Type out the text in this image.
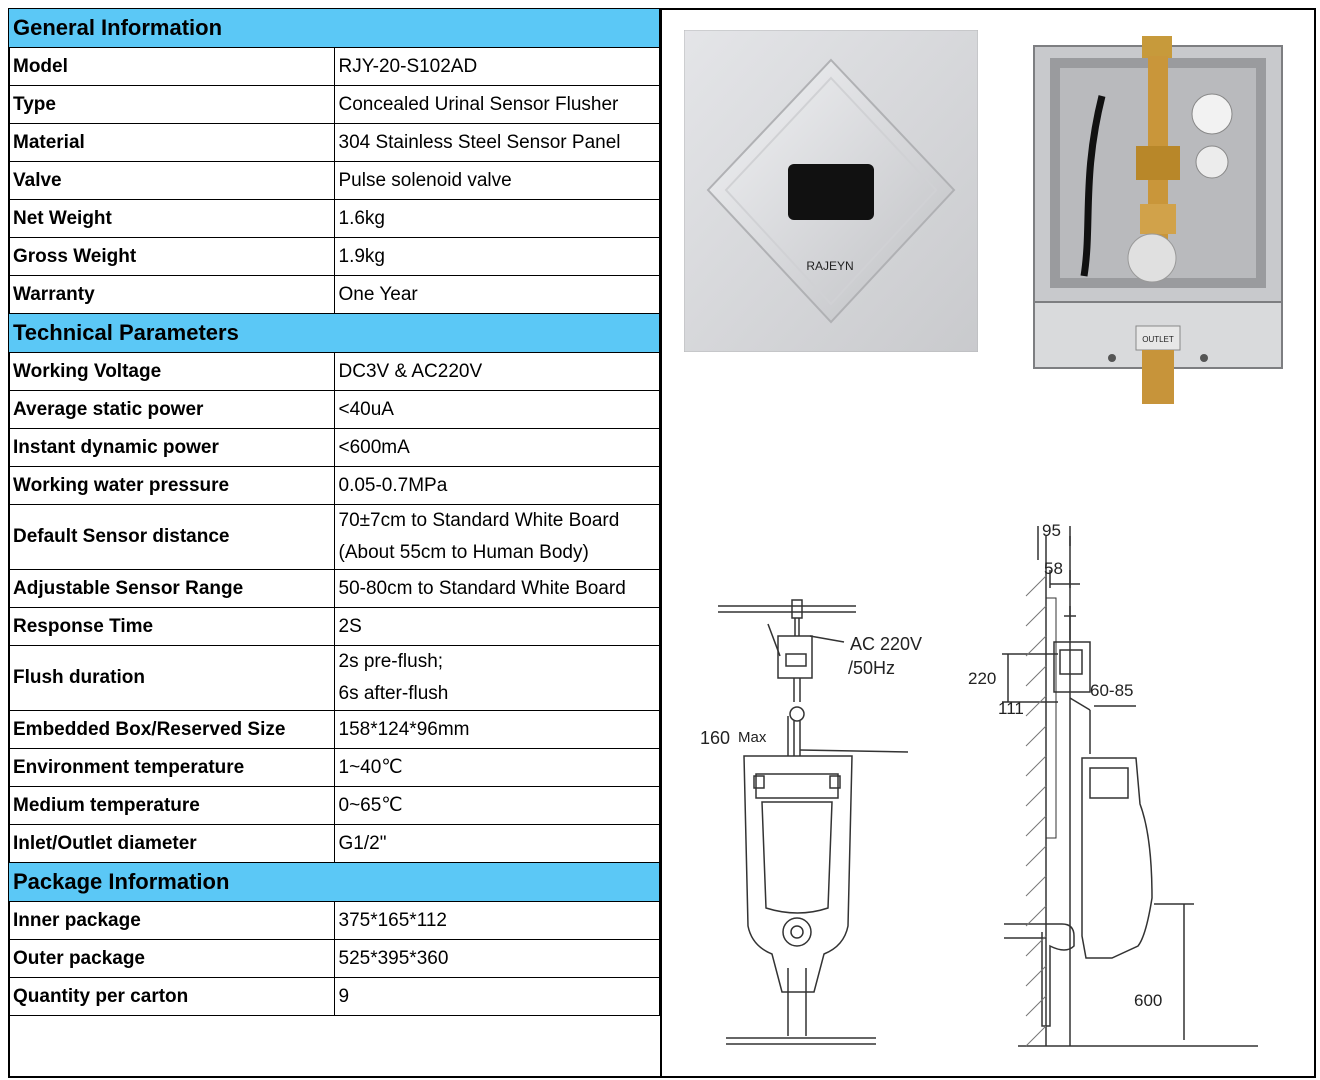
General Information	
Model	RJY-20-S102AD
Type	Concealed Urinal Sensor Flusher
Material	304 Stainless Steel Sensor Panel
Valve	Pulse solenoid valve
Net Weight	1.6kg
Gross Weight	1.9kg
Warranty	One Year
Technical Parameters	
Working Voltage	DC3V & AC220V
Average static power	<40uA
Instant dynamic power	<600mA
Working water pressure	0.05-0.7MPa
Default Sensor distance	70±7cm to Standard White Board
(About 55cm to Human Body)

Adjustable Sensor Range	50-80cm to Standard White Board
Response Time	2S
Flush duration	2s pre-flush;
6s after-flush

Embedded Box/Reserved Size	158*124*96mm
Environment temperature	1~40℃
Medium temperature	0~65℃
Inlet/Outlet diameter	G1/2"
Package Information	
Inner package	375*165*112
Outer package	525*395*360
Quantity per carton	9
RAJEYN
OUTLET
AC 220V
/50Hz
160 Max
95
58
220
111
60-85
600
